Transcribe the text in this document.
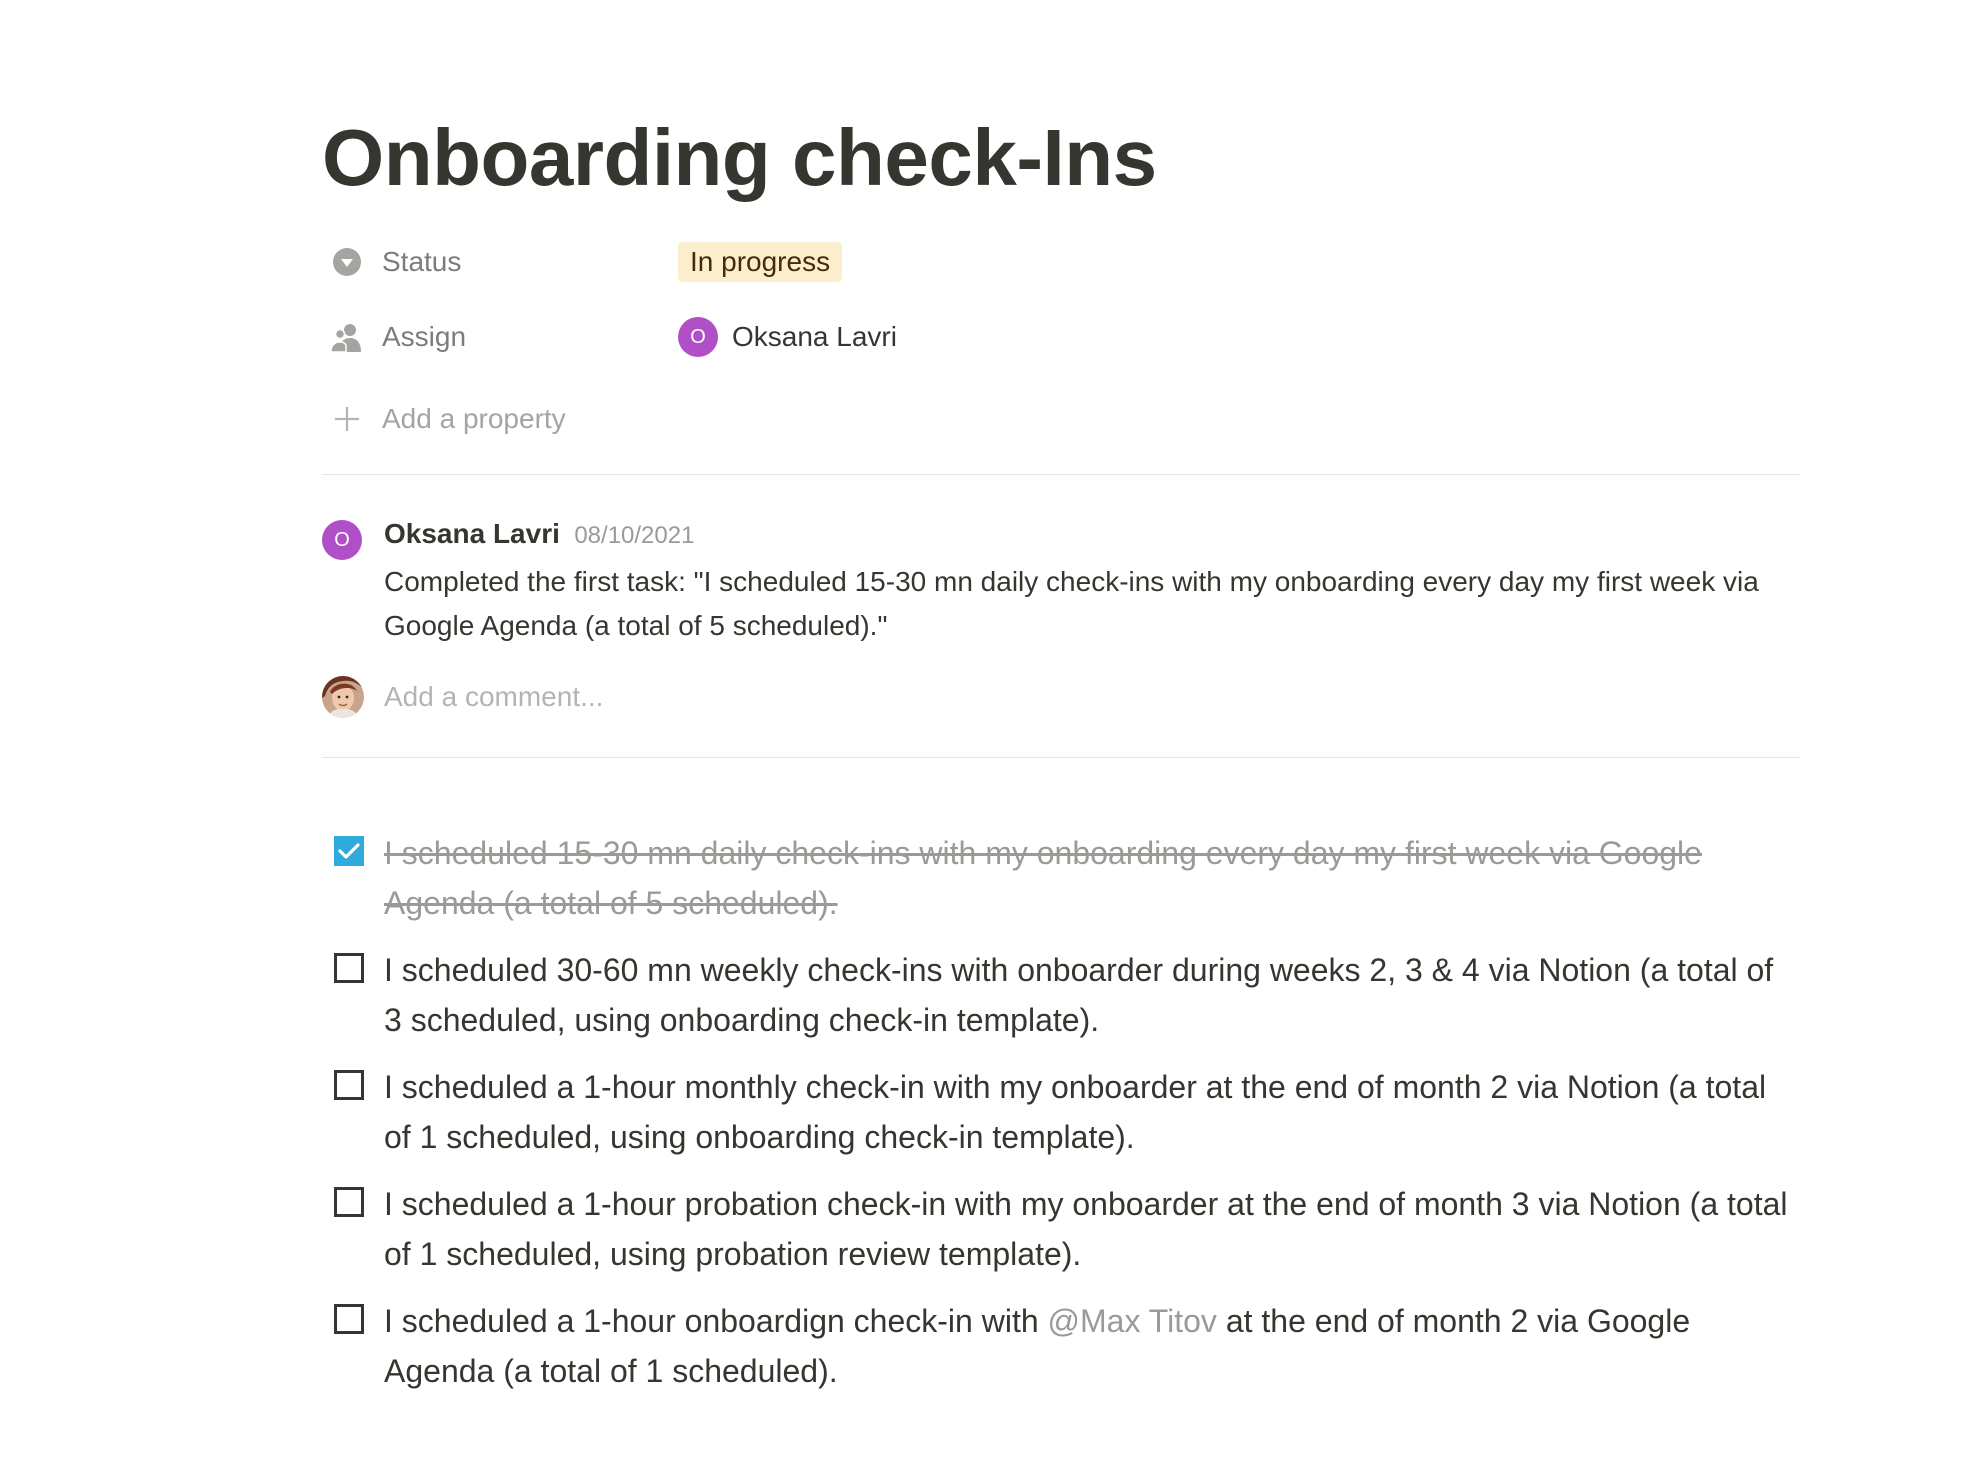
Onboarding check-Ins
Status	In progress
Assign	O Oksana Lavri
Add a property
O	Oksana Lavri 08/10/2021
Completed the first task: "I scheduled 15-30 mn daily check-ins with my onboarding every day my first week via Google Agenda (a total of 5 scheduled)."
Add a comment...
I scheduled 15-30 mn daily check-ins with my onboarding every day my first week via Google Agenda (a total of 5 scheduled).
I scheduled 30-60 mn weekly check-ins with onboarder during weeks 2, 3 & 4 via Notion (a total of 3 scheduled, using onboarding check-in template).
I scheduled a 1-hour monthly check-in with my onboarder at the end of month 2 via Notion (a total of 1 scheduled, using onboarding check-in template).
I scheduled a 1-hour probation check-in with my onboarder at the end of month 3 via Notion (a total of 1 scheduled, using probation review template).
I scheduled a 1-hour onboardign check-in with @Max Titov at the end of month 2 via Google Agenda (a total of 1 scheduled).
